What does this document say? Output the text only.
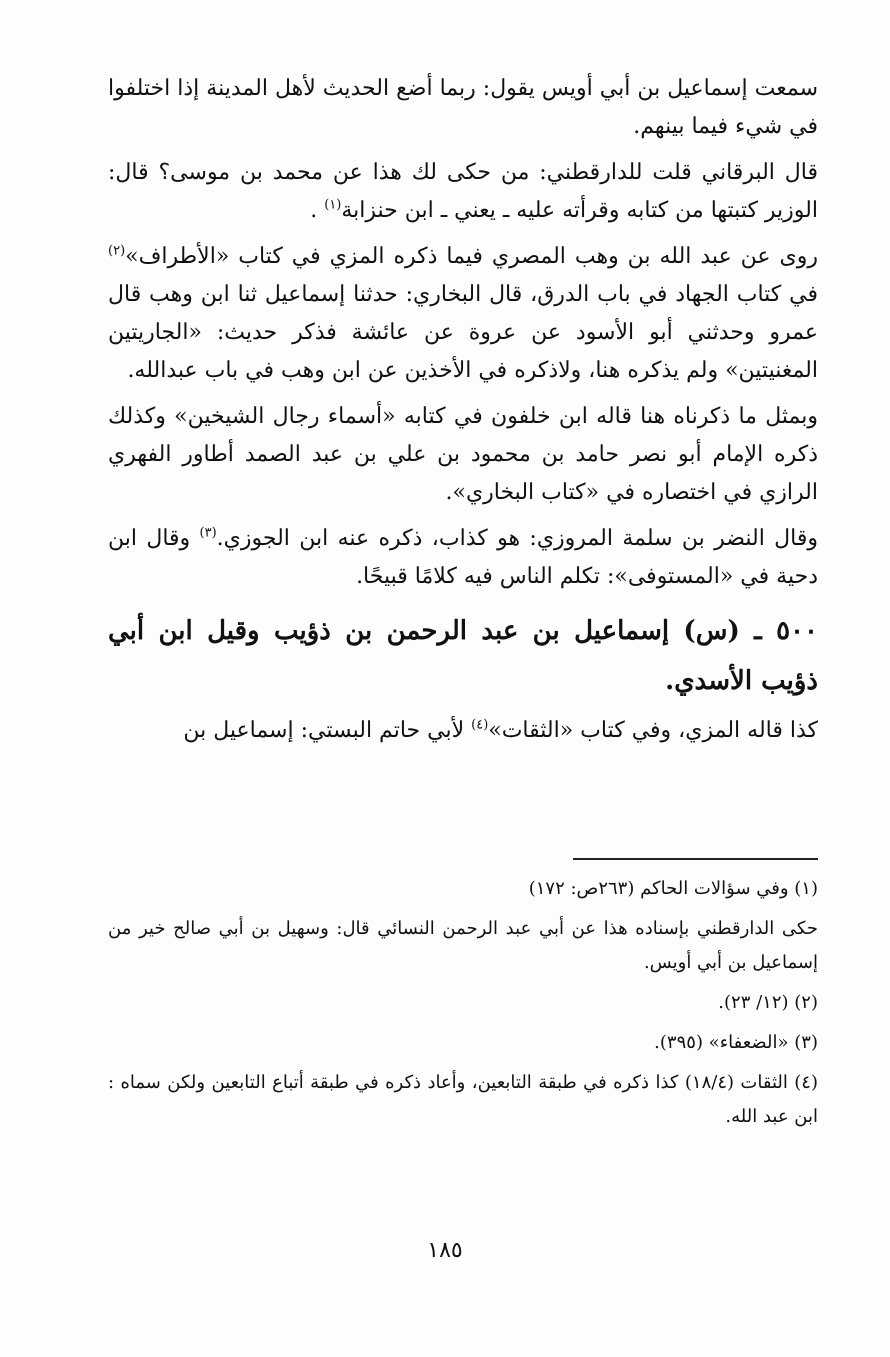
سمعت إسماعيل بن أبي أويس يقول: ربما أضع الحديث لأهل المدينة إذا اختلفوا في شيء فيما بينهم.

قال البرقاني قلت للدارقطني: من حكى لك هذا عن محمد بن موسى؟ قال: الوزير كتبتها من كتابه وقرأته عليه ـ يعني ـ ابن حنزابة$^{(١)}$ .

روى عن عبد الله بن وهب المصري فيما ذكره المزي في كتاب «الأطراف»$^{(٢)}$ في كتاب الجهاد في باب الدرق، قال البخاري: حدثنا إسماعيل ثنا ابن وهب قال عمرو وحدثني أبو الأسود عن عروة عن عائشة فذكر حديث: «الجاريتين المغنيتين» ولم يذكره هنا، ولاذكره في الأخذين عن ابن وهب في باب عبدالله.

وبمثل ما ذكرناه هنا قاله ابن خلفون في كتابه «أسماء رجال الشيخين» وكذلك ذكره الإمام أبو نصر حامد بن محمود بن علي بن عبد الصمد أطاور الفهري الرازي في اختصاره في «كتاب البخاري».

وقال النضر بن سلمة المروزي: هو كذاب، ذكره عنه ابن الجوزي.$^{(٣)}$ وقال ابن دحية في «المستوفى»: تكلم الناس فيه كلامًا قبيحًا.

٥٠٠ ـ (س) إسماعيل بن عبد الرحمن بن ذؤيب وقيل ابن أبي ذؤيب الأسدي.

كذا قاله المزي، وفي كتاب «الثقات»$^{(٤)}$ لأبي حاتم البستي: إسماعيل بن

(١) وفي سؤالات الحاكم (٢٦٣ص: ١٧٢)

حكى الدارقطني بإسناده هذا عن أبي عبد الرحمن النسائي قال: وسهيل بن أبي صالح خير من إسماعيل بن أبي أويس.

(٢) (١٢/ ٢٣).

(٣) «الضعفاء» (٣٩٥).

(٤) الثقات (١٨/٤) كذا ذكره في طبقة التابعين، وأعاد ذكره في طبقة أتباع التابعين ولكن سماه : ابن عبد الله.

١٨٥
